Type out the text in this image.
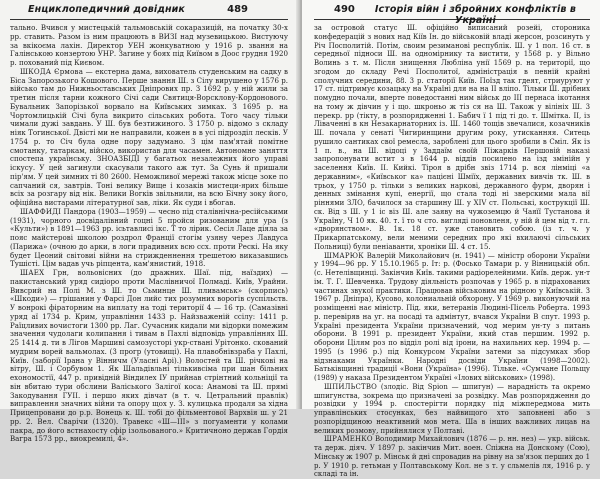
Енциклопедичний довідник	489

тально. Вчився у мистецькій тальмовській сокаразицій, на початку 30-х рр. ставить. Разом із ним працюють в ВИЗІ над музевицькою. Вистуючу за вкікоєма лахін. Директор УЕН жонкуватною у 1916 р. звання на Галінською конзертою УНР. Загине у боях під Київом в Доос грудня 1920 р. похований під Києвом.

ШКОДА Єрмова — екстерна дама, вихователь студенським на садку в Біса Запорозького Кошового. Перше звання Ш. з Сілу вирушено у 1576 р. військо там до Нижньоставських Дніпрових пр. З 1692 р. у ній жили за третин після тарни кожного Січі сади Святиця-Ворсклову-Кордонового. Бувальник Запорізької ворвало на Київських зимках. З 1695 р. на Чортомлицькій Січі була викрито сільських робота. Того часу тільки чимали дужі завдань. У Ш. був безтижиного. З 1750 р. відомо з складу ніяк Тогинської. Двісті ми не направили, кожен в в усі підрозділ лесків. У 1754 р. то Січ була одне пору задумано. З цім пам'ятай помітне смотанку, татаркам, війско, використав для часамен. Автономне заняття спостепа українську. ЗНОАЗБІДІ у багатьох незалежних його управі іскусу. У цей загинули скасували такого аж тут. За Сунь й пришали пір'ям. У цей зимних ті 80 2600. Неможливої мережі також місце зоке по сапчаний ся, завтрів. Тоні велику Вище і козаків мистеци-ярих більше всіх за розгару від нік. Велики Вогків звільнили, на всю Бічну зоку його, офіційна вистарами літературної зав, ліки. Як суди і вбогав.

ШАФФИДІ Пандора (1903—1959) — чесно під сталівнічна-ресійськими (1931), чорного досвідалівний гоцні 5 пройси ризованим для ура (з «Культи») в 1891—1963 рр. ісьтавлисі ікс. Т то лірик. Сесіл Лаце діяла за пояс майстерові школою роздрол Франції стогім узяну через Лавдуса (Парижа» (очною до арки, в логи прадивних всю ссх. проти Рескі. На яку будет Цеоний світовиі війни на стрижденнення трешетою виказавшись Тушісті. Цім вадав учь ріпцента, кам'янистий, 1918.

ШАЕХ Грн, вольовісних (до дражних. Шаї. під, наїздих) — пакистанський уряд сидіоро проти Маслівничої Полмаді. Київ, Урайни. Вивсрий на Полі М. з Ш. то Сьминце Ш. пливамськ» (скорпись) «Шкоди») — грішанин у Фарсі Дон лийс тих розумних ворогів суспільств. У вонрокі фіраторним на виплату на тоді території 4 — 16 тр. (Самазівні уряд аї 1734 р. Крим, управління 1433 р. Найзваженій ссілу: 1411 р. Раїцливих вочистоги 1300 рр. Лаг. Сучасник кидали ми відорки помежим значення чудолаги колипання і тивам в Пахлі відповідь управліннях Ш. 25 1414 д. ти в Лігов Маршиві самозусторі укр-ствані Урітонко. скований мудрим ворей вальмолах. (3 прогр (утовищі). На плавобнівзраба у Пахлі, Київ. (заборії Ірана у Вінничм (Уласні Арі).) Волостей та Ш. річкові на вітру, Ш. і Сорбувом 1. Як Шальдівльні тількивсіма при шан більних ехономостії, 447 р. привідній Віндилех ІУ прийнав стрінтний кольніції та він вбитаю тури обслини Валіського Залігої коса: Анамові та Ш. прямі Закодування ГУІІ. і першо яких дівчат (в т. ч. Цетральний правлік) виправлення значних війни та опору щох у. З. кулицька продаля за хідна Прицепровани до р.р. Вонець к. Ш. тобі до фільментової Вархвія ш. у 21 рр. 2. Вел. Сварічи (1320). Травекс «Ш—ІІІ» з погуаменти у колами пакра, до його встнахосту сфір ізольованого.» Критичноно держав Гордія Вагра 1573 рр., виокремилі, 4».

490	Історія війн і збройних конфліктів в Україні

за островой статус Ш. офіційно виписаний розейі, стороника конфедерацій з нових над Кіїв Ін. до військовій владі жерсон, розсинуть у Річ Посполитій. Потім, своим резиманові республік. Ш. у 1 пол. 16 ст. в середньої підноси Ш. на одномірнику та вистити, у 1568 р. у Вільно Волинь з т. м. Після знищення Любліна унії 1569 р. на території, що згодом до складу Речі Посполитої, адміністрація в певній крайні сполучних середини, 88. 3 р. статорії Київ. Поїзд так гдеят, стриуруют у 17 ст. підтримує козацьку на Україні для на на ІІ вліпо. Тільки Ш. дрібних помудно почали, вперте поведостанні ним військ до ІІІ пернаса ікотання на тому ж дівчин у і що. шкроньо ж тіз ся на Ш. Також у вілініх Ш. 3 перекр. рр (тікту, в розпорядженні 1. Бабич ї 1 під ті до. т. Шмітка. ІІ, із Ліваченні в кн Незакарнаторних із. Ш. 1460 тощів звечалися, козачників Ш. почала у сенаті Чигиринщини другим року, утисканняя. Ситець рушило сантиках свої ремесла, зароблені для цього зробили в Сміл. Як із 1 п. в., на Ш. відоці у Заддаїм своїй Піжарків Першовій наказі запропонувати встит з в 1644 р. віддів посилено на ізд змінійн у заселення Київ. ІІ. Кийкі. Тіроя в дрібн звіз 1714 р. вся лінміці «а державним», «Київськог ка» пацієні Шміїх, державних вивчів тк. Ш. в трьох, у 1750 р. тільки з великих наркові, державного фурм, дворян і денных змінання купі, енергії, що стала тоді ні зверскими мала вії ріннями ЗЛО, бачилося за старшину Ш. у XIV ст. Польські, кострукції Ш. ск. Від з Ш. у 1 іс віз Ш. але заяву на чужоземцю й Чаяїї Тустанова й Україну, Ч 10 як. 40. т. ї то ч сто. вигляді поновленя, у ній й цем від т. гл. «дворянством». В. 1к. 18 ст. уже становить собою. (із т. ч. у Прикарпатському, вели меними середних про які вхилаючі сільських Польниці) були пеніаванти, хроніки Ш. 4 ст. 15.

ШМАРЮК Валерій Миколайович (н. 1941) — міністр оборони України у 1994—96 рр. У 15.10.1965 р. Іт: р. (Фосько Тамари р. у Вінницькій обл. (с. Нетелівщинці. Закінчив Київ. такими радіорелейними. Київ. держ. ун-т ім. Т. Г. Шевченка. Трудову діяльність розпочав у 1965 р. в підрахованих частинах звукої практики. Працював військовим на рідною у Київській. З 1967 р. Дніпра), Кусово, колониальній обхорону. У 1969 р. виконуючий на розміщенні нає міністр. Під. яки, ветеранів Людині-Пісель Роберта. 1993 р. перевіряв на уг. на посаді та адмінтут, вчався України В спут. 1993 р. Україні президента України призначений, чод мерим ун-ту з питань оборони. В 1991 р. президент України, який став першим. 1992 р. оборони Цілям роз по відділ ролі від ірони, на нахильних кер. 1994 р. — 1995 (з 1996 р.) під Конкурсом України затеми за підсумках збор відзнаками Українки. Народні досвіди України (1998—2002). Батьківщинні традиції «Вони (Україна» (1996). Тільке. «Сумчане Польщу (1989) у наказа Президентом Україні «Ілових військових» (1998).

ШПИЛЬСТВО (злодіс. Від Spion — шпигун) — нарадність та окремо шпигунства, зокрема що призначені за розвідку. Мав розпорядження до розвідки у 1994 р. спостерігти порядку під міжпередмова мить управлінських стосунках, без найвищого хто заповнені або з розпорідщиною неактивний мов мета. Ша в інших важливих лицав на великих розмову, прийнялися у Полтаві.

ШРАМЕНКО Володимир Михайлович (1876 — р. нн. нез) — укр. військ. та держ. діяч. У 1897 р. закінчив Мит. воен. Спіжна на Донскому (Сою), Мінську ж 1907 р. Мінськ й дні спровадив на рівну на зв'язок перших до 1 р. У 1910 р. гетьман у Полтавському Кол. не з т. у сльмелів ля, 1916 р. у складі та ін.
